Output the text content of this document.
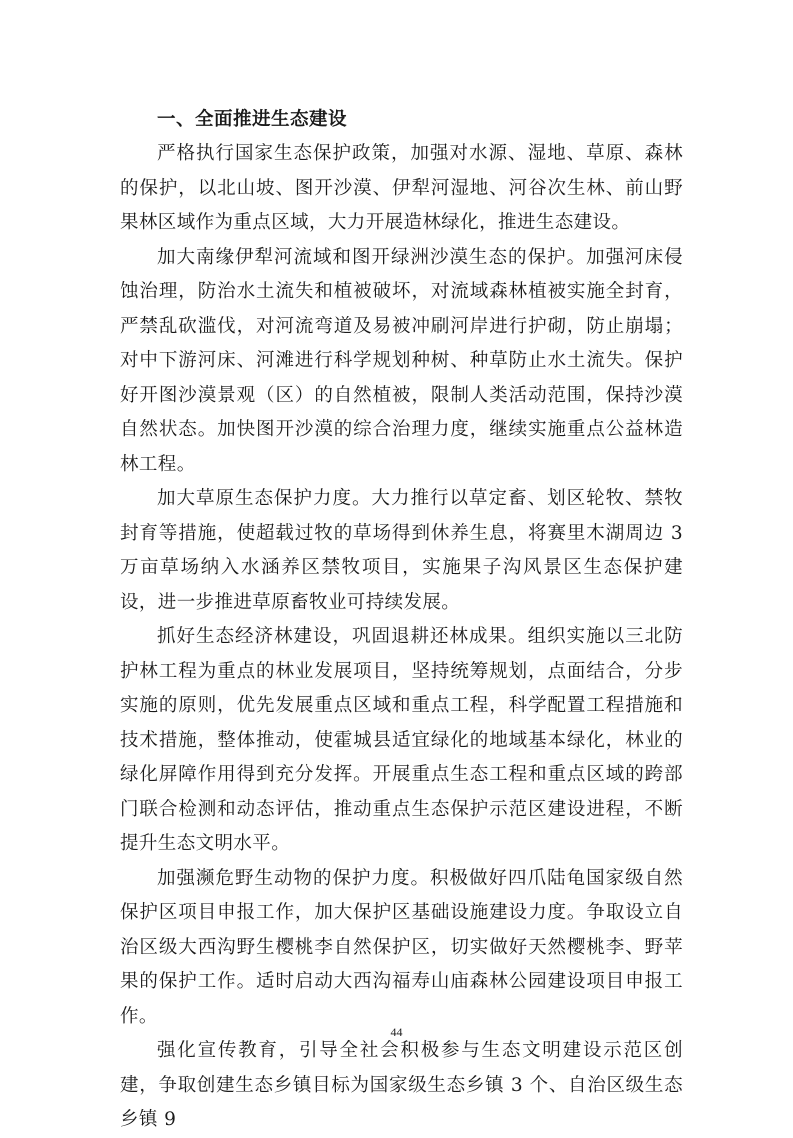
一、全面推进生态建设

严格执行国家生态保护政策，加强对水源、湿地、草原、森林的保护，以北山坡、图开沙漠、伊犁河湿地、河谷次生林、前山野果林区域作为重点区域，大力开展造林绿化，推进生态建设。

加大南缘伊犁河流域和图开绿洲沙漠生态的保护。加强河床侵蚀治理，防治水土流失和植被破坏，对流域森林植被实施全封育，严禁乱砍滥伐，对河流弯道及易被冲刷河岸进行护砌，防止崩塌；对中下游河床、河滩进行科学规划种树、种草防止水土流失。保护好开图沙漠景观（区）的自然植被，限制人类活动范围，保持沙漠自然状态。加快图开沙漠的综合治理力度，继续实施重点公益林造林工程。

加大草原生态保护力度。大力推行以草定畜、划区轮牧、禁牧封育等措施，使超载过牧的草场得到休养生息，将赛里木湖周边 3 万亩草场纳入水涵养区禁牧项目，实施果子沟风景区生态保护建设，进一步推进草原畜牧业可持续发展。

抓好生态经济林建设，巩固退耕还林成果。组织实施以三北防护林工程为重点的林业发展项目，坚持统筹规划，点面结合，分步实施的原则，优先发展重点区域和重点工程，科学配置工程措施和技术措施，整体推动，使霍城县适宜绿化的地域基本绿化，林业的绿化屏障作用得到充分发挥。开展重点生态工程和重点区域的跨部门联合检测和动态评估，推动重点生态保护示范区建设进程，不断提升生态文明水平。

加强濒危野生动物的保护力度。积极做好四爪陆龟国家级自然保护区项目申报工作，加大保护区基础设施建设力度。争取设立自治区级大西沟野生樱桃李自然保护区，切实做好天然樱桃李、野苹果的保护工作。适时启动大西沟福寿山庙森林公园建设项目申报工作。

强化宣传教育，引导全社会积极参与生态文明建设示范区创建，争取创建生态乡镇目标为国家级生态乡镇 3 个、自治区级生态乡镇 9

44
